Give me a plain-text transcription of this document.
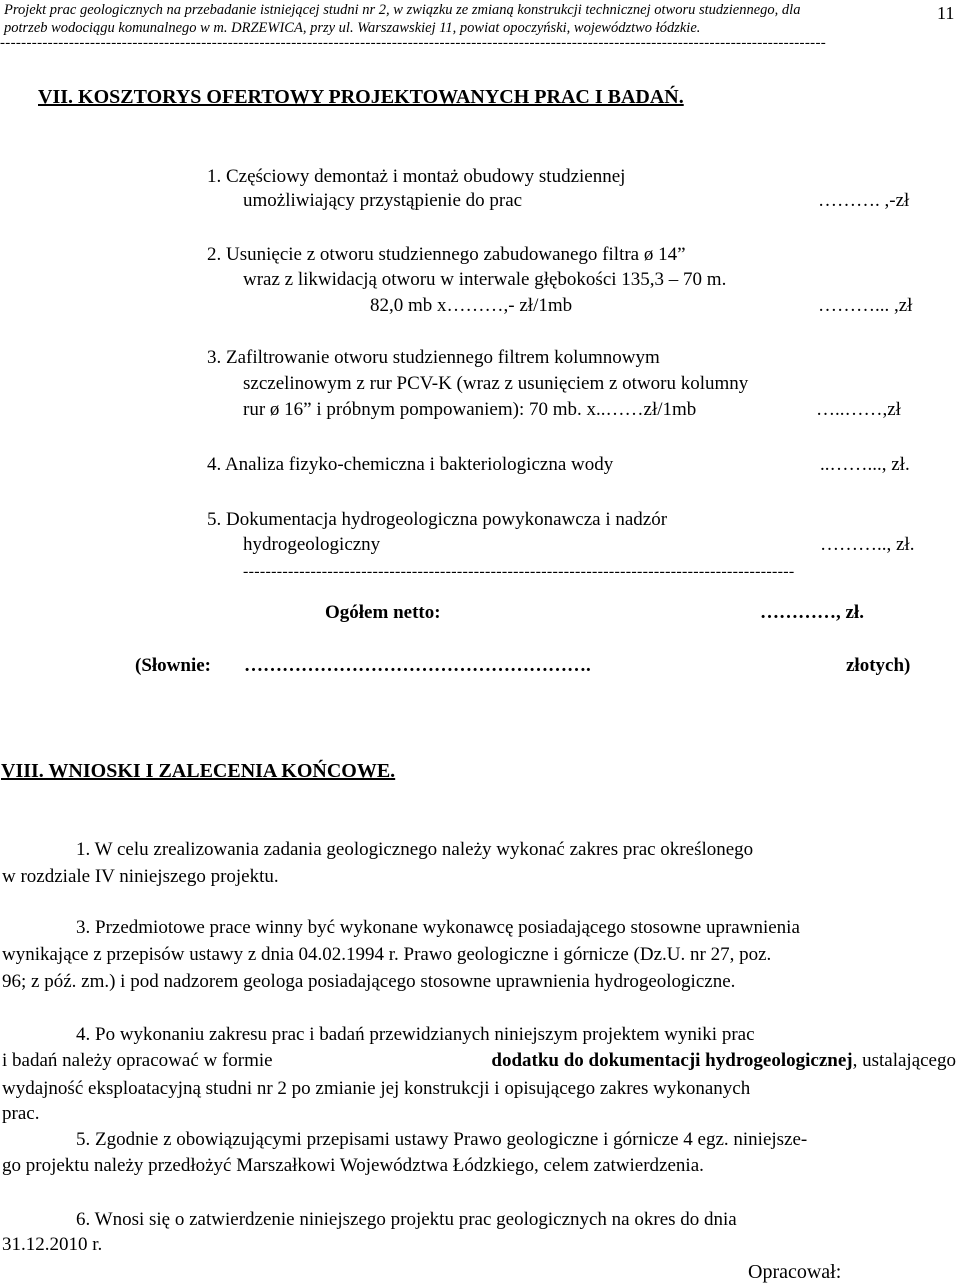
Projekt prac geologicznych na przebadanie istniejącej studni nr 2, w związku ze zmianą konstrukcji technicznej otworu studziennego, dla
potrzeb wodociągu komunalnego w m. DRZEWICA, przy ul. Warszawskiej 11, powiat opoczyński, województwo łódzkie.
11
------------------------------------------------------------------------------------------------------------------------------------------------------------
VII. KOSZTORYS OFERTOWY PROJEKTOWANYCH PRAC I BADAŃ.
1. Częściowy demontaż i montaż obudowy studziennej
umożliwiający przystąpienie do prac	………. ,-zł
2. Usunięcie z otworu studziennego zabudowanego filtra ø 14”
wraz z likwidacją otworu w interwale głębokości 135,3 – 70 m.
82,0 mb x………,- zł/1mb	………... ,zł
3. Zafiltrowanie otworu studziennego filtrem kolumnowym
szczelinowym z rur PCV-K (wraz z usunięciem z otworu kolumny
rur ø 16” i próbnym pompowaniem): 70 mb. x..……zł/1mb	…..……,zł
4. Analiza fizyko-chemiczna i bakteriologiczna wody	..……..., zł.
5. Dokumentacja hydrogeologiczna powykonawcza i nadzór
hydrogeologiczny	……….., zł.
--------------------------------------------------------------------------------------------------
Ogółem netto:	…………, zł.
(Słownie: ……………………………………………….	złotych)
VIII. WNIOSKI I ZALECENIA KOŃCOWE.
1. W celu zrealizowania zadania geologicznego należy wykonać zakres prac określonego
w rozdziale IV niniejszego projektu.
3. Przedmiotowe prace winny być wykonane wykonawcę posiadającego stosowne uprawnienia
wynikające z przepisów ustawy z dnia 04.02.1994 r. Prawo geologiczne i górnicze (Dz.U. nr 27, poz.
96; z póź. zm.) i pod nadzorem geologa posiadającego stosowne uprawnienia hydrogeologiczne.
4. Po wykonaniu zakresu prac i badań przewidzianych niniejszym projektem wyniki prac
i badań należy opracować w formie	dodatku do dokumentacji hydrogeologicznej, ustalającego
wydajność eksploatacyjną studni nr 2 po zmianie jej konstrukcji i opisującego zakres wykonanych
prac.
5. Zgodnie z obowiązującymi przepisami ustawy Prawo geologiczne i górnicze 4 egz. niniejsze-
go projektu należy przedłożyć Marszałkowi Województwa Łódzkiego, celem zatwierdzenia.
6. Wnosi się o zatwierdzenie niniejszego projektu prac geologicznych na okres do dnia
31.12.2010 r.
Opracował:
